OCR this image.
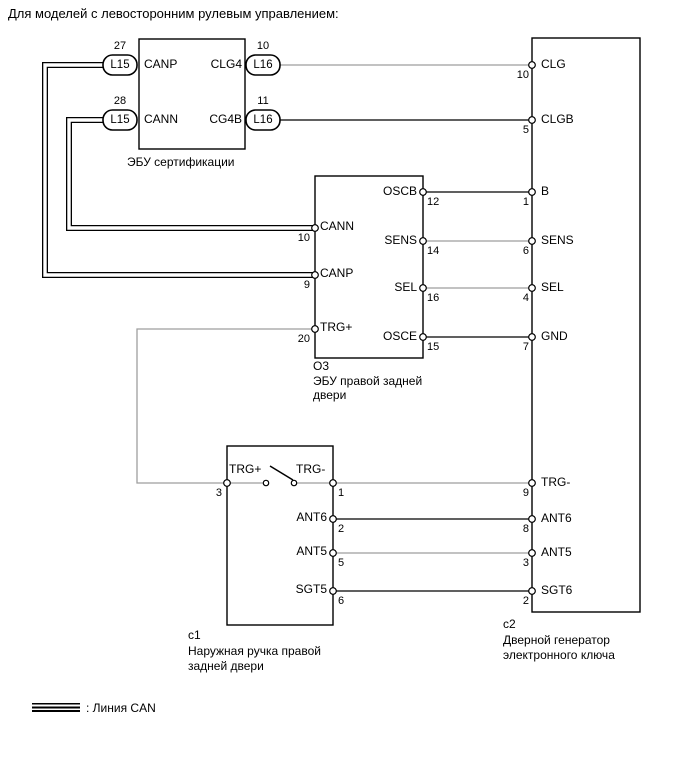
Для моделей с левосторонним рулевым управлением:
L15
27
CANP
L15
28
CANN
L16
10
CLG4
L16
11
CG4B
CANN
10
CANP
9
TRG+
20
OSCB
12
SENS
14
SEL
16
OSCE
15
TRG+
3
TRG-
1
ANT6
2
ANT5
5
SGT5
6
CLG
10
CLGB
5
B
1
SENS
6
SEL
4
GND
7
TRG-
9
ANT6
8
ANT5
3
SGT6
2
ЭБУ сертификации
О3
ЭБУ правой задней
двери
c1
Наружная ручка правой
задней двери
c2
Дверной генератор
электронного ключа
: Линия CAN
